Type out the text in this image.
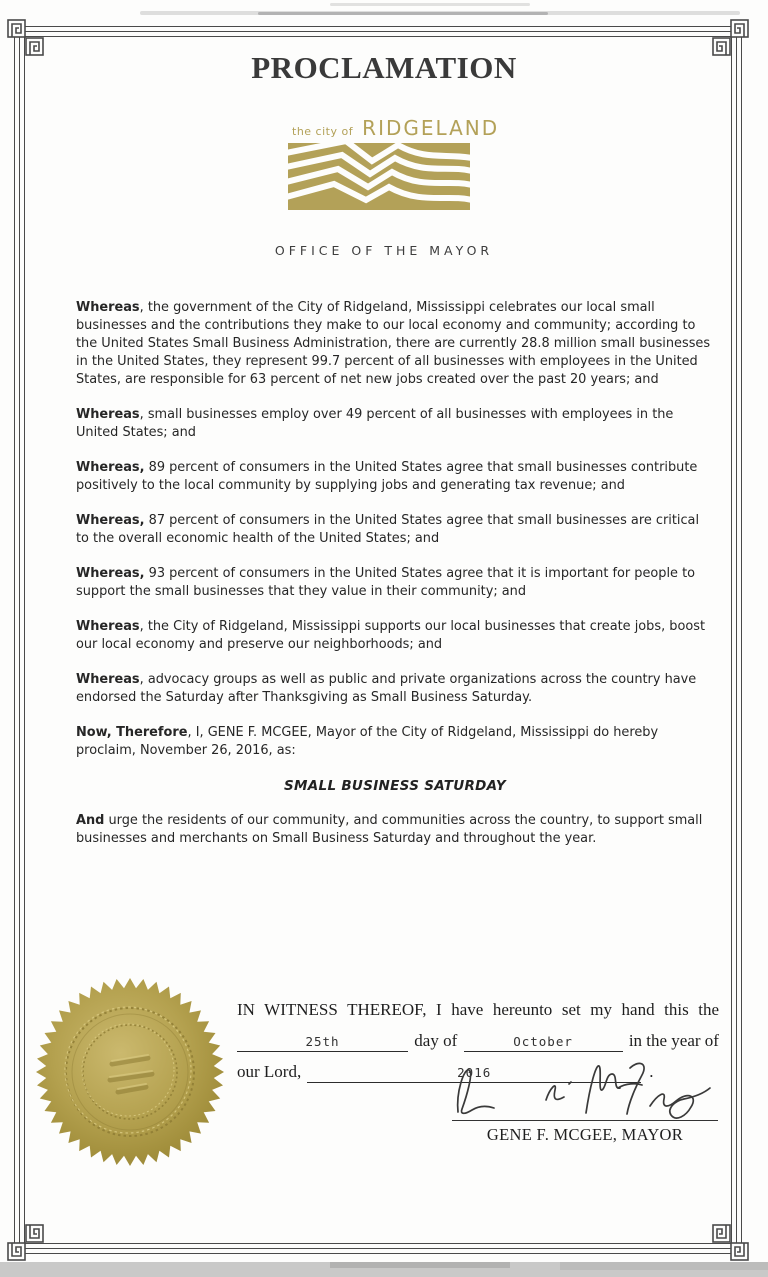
PROCLAMATION
the city of RIDGELAND
OFFICE OF THE MAYOR

Whereas, the government of the City of Ridgeland, Mississippi celebrates our local small businesses and the contributions they make to our local economy and community; according to the United States Small Business Administration, there are currently 28.8 million small businesses in the United States, they represent 99.7 percent of all businesses with employees in the United States, are responsible for 63 percent of net new jobs created over the past 20 years; and

Whereas, small businesses employ over 49 percent of all businesses with employees in the United States; and

Whereas, 89 percent of consumers in the United States agree that small businesses contribute positively to the local community by supplying jobs and generating tax revenue; and

Whereas, 87 percent of consumers in the United States agree that small businesses are critical to the overall economic health of the United States; and

Whereas, 93 percent of consumers in the United States agree that it is important for people to support the small businesses that they value in their community; and

Whereas, the City of Ridgeland, Mississippi supports our local businesses that create jobs, boost our local economy and preserve our neighborhoods; and

Whereas, advocacy groups as well as public and private organizations across the country have endorsed the Saturday after Thanksgiving as Small Business Saturday.

Now, Therefore, I, GENE F. MCGEE, Mayor of the City of Ridgeland, Mississippi do hereby proclaim, November 26, 2016, as:

SMALL BUSINESS SATURDAY

And urge the residents of our community, and communities across the country, to support small businesses and merchants on Small Business Saturday and throughout the year.

IN WITNESS THEREOF, I have hereunto set my hand this the
25th	day of	October	in the year of
our Lord,	2016	.
GENE F. MCGEE, MAYOR
